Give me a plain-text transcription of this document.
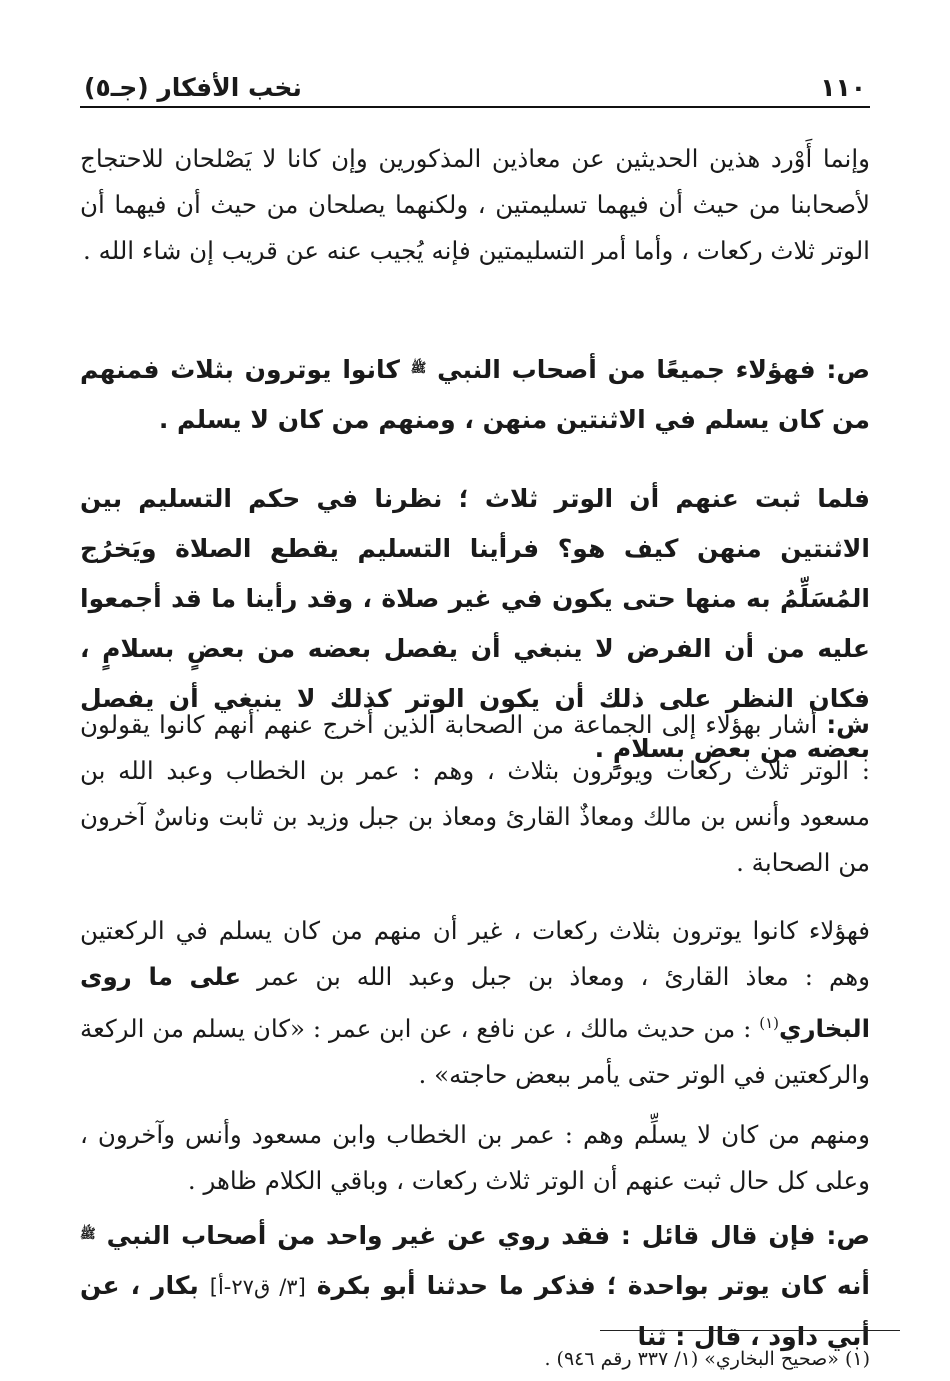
١١٠
نخب الأفكار (جـ٥)

وإنما أَوْرد هذين الحديثين عن معاذين المذكورين وإن كانا لا يَصْلحان للاحتجاج لأصحابنا من حيث أن فيهما تسليمتين ، ولكنهما يصلحان من حيث أن فيهما أن الوتر ثلاث ركعات ، وأما أمر التسليمتين فإنه يُجيب عنه عن قريب إن شاء الله .

ص: فهؤلاء جميعًا من أصحاب النبي $^ﷺ$ كانوا يوترون بثلاث فمنهم من كان يسلم في الاثنتين منهن ، ومنهم من كان لا يسلم .

فلما ثبت عنهم أن الوتر ثلاث ؛ نظرنا في حكم التسليم بين الاثنتين منهن كيف هو؟ فرأينا التسليم يقطع الصلاة ويَخرُج المُسَلِّمُ به منها حتى يكون في غير صلاة ، وقد رأينا ما قد أجمعوا عليه من أن الفرض لا ينبغي أن يفصل بعضه من بعضٍ بسلامٍ ، فكان النظر على ذلك أن يكون الوتر كذلك لا ينبغي أن يفصل بعضه من بعض بسلامٍ .

ش: أشار بهؤلاء إلى الجماعة من الصحابة الذين أخرج عنهم أنهم كانوا يقولون : الوتر ثلاث ركعات ويوترون بثلاث ، وهم : عمر بن الخطاب وعبد الله بن مسعود وأنس بن مالك ومعاذٌ القارئ ومعاذ بن جبل وزيد بن ثابت وناسٌ آخرون من الصحابة .

فهؤلاء كانوا يوترون بثلاث ركعات ، غير أن منهم من كان يسلم في الركعتين وهم : معاذ القارئ ، ومعاذ بن جبل وعبد الله بن عمر على ما روى البخاري$^{(١)}$ : من حديث مالك ، عن نافع ، عن ابن عمر : «كان يسلم من الركعة والركعتين في الوتر حتى يأمر ببعض حاجته» .

ومنهم من كان لا يسلِّم وهم : عمر بن الخطاب وابن مسعود وأنس وآخرون ، وعلى كل حال ثبت عنهم أن الوتر ثلاث ركعات ، وباقي الكلام ظاهر .

ص: فإن قال قائل : فقد روي عن غير واحد من أصحاب النبي $^ﷺ$ أنه كان يوتر بواحدة ؛ فذكر ما حدثنا أبو بكرة [٣/ ق٢٧-أ] بكار ، عن أبي داود ، قال : ثنا

(١) «صحيح البخاري» (١/ ٣٣٧ رقم ٩٤٦) .
